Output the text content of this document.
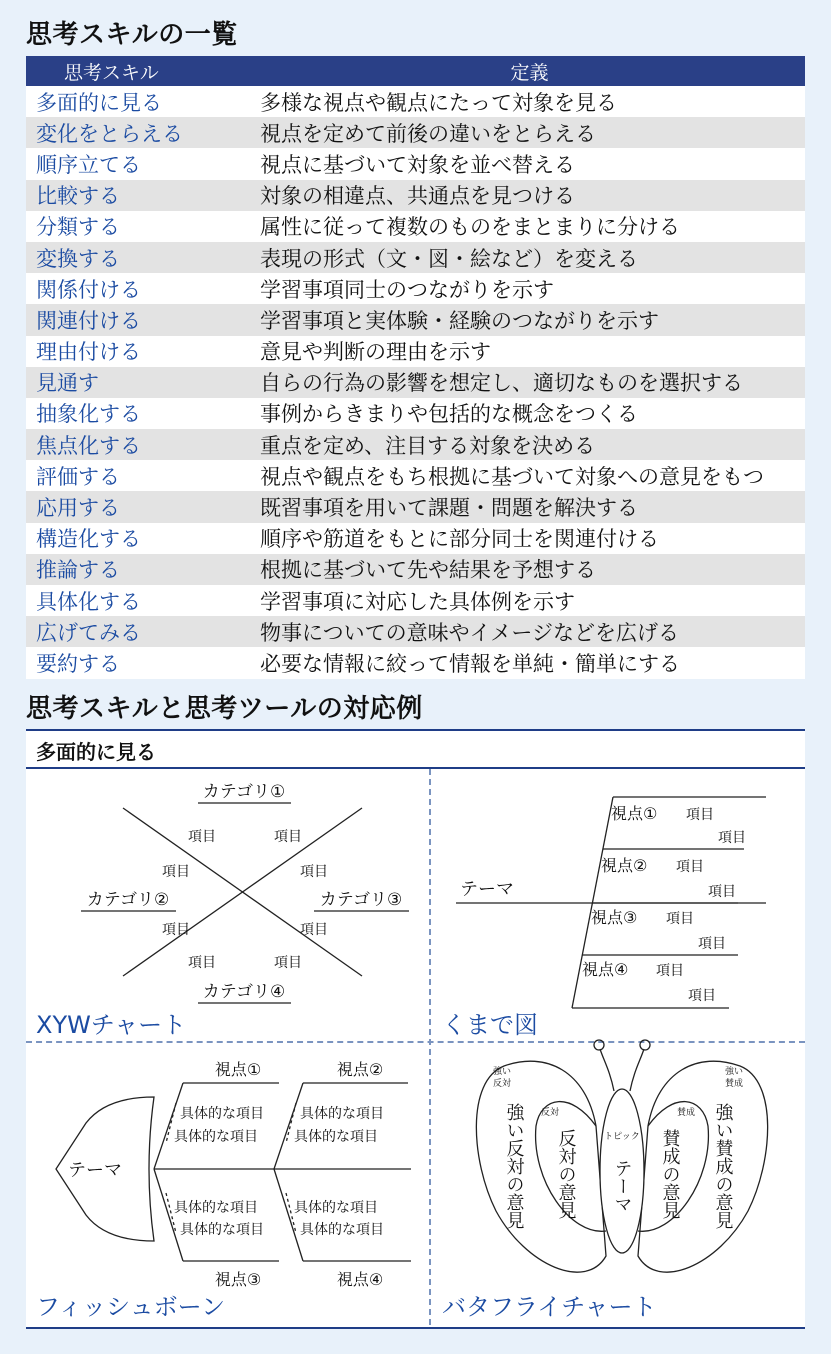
思考スキルの一覧
思考スキル	定義
多面的に見る	多様な視点や観点にたって対象を見る
変化をとらえる	視点を定めて前後の違いをとらえる
順序立てる	視点に基づいて対象を並べ替える
比較する	対象の相違点、共通点を見つける
分類する	属性に従って複数のものをまとまりに分ける
変換する	表現の形式（文・図・絵など）を変える
関係付ける	学習事項同士のつながりを示す
関連付ける	学習事項と実体験・経験のつながりを示す
理由付ける	意見や判断の理由を示す
見通す	自らの行為の影響を想定し、適切なものを選択する
抽象化する	事例からきまりや包括的な概念をつくる
焦点化する	重点を定め、注目する対象を決める
評価する	視点や観点をもち根拠に基づいて対象への意見をもつ
応用する	既習事項を用いて課題・問題を解決する
構造化する	順序や筋道をもとに部分同士を関連付ける
推論する	根拠に基づいて先や結果を予想する
具体化する	学習事項に対応した具体例を示す
広げてみる	物事についての意味やイメージなどを広げる
要約する	必要な情報に絞って情報を単純・簡単にする
思考スキルと思考ツールの対応例
多面的に見る
カテゴリ①
カテゴリ②	カテゴリ③
カテゴリ④
項目	項目
項目	項目
項目	項目
項目	項目
テーマ
視点①
視点②
視点③
視点④
項目
項目
項目
項目
項目
項目
項目
項目
テーマ
視点①	視点②
視点③	視点④
具体的な項目
具体的な項目
具体的な項目
具体的な項目
具体的な項目
具体的な項目
具体的な項目
具体的な項目
強い
反対
反対
トピック
賛成
強い
賛成
強い反対の意見 反対の意見 テーマ 賛成の意見 強い賛成の意見
XYWチャート	くまで図
フィッシュボーン	バタフライチャート
